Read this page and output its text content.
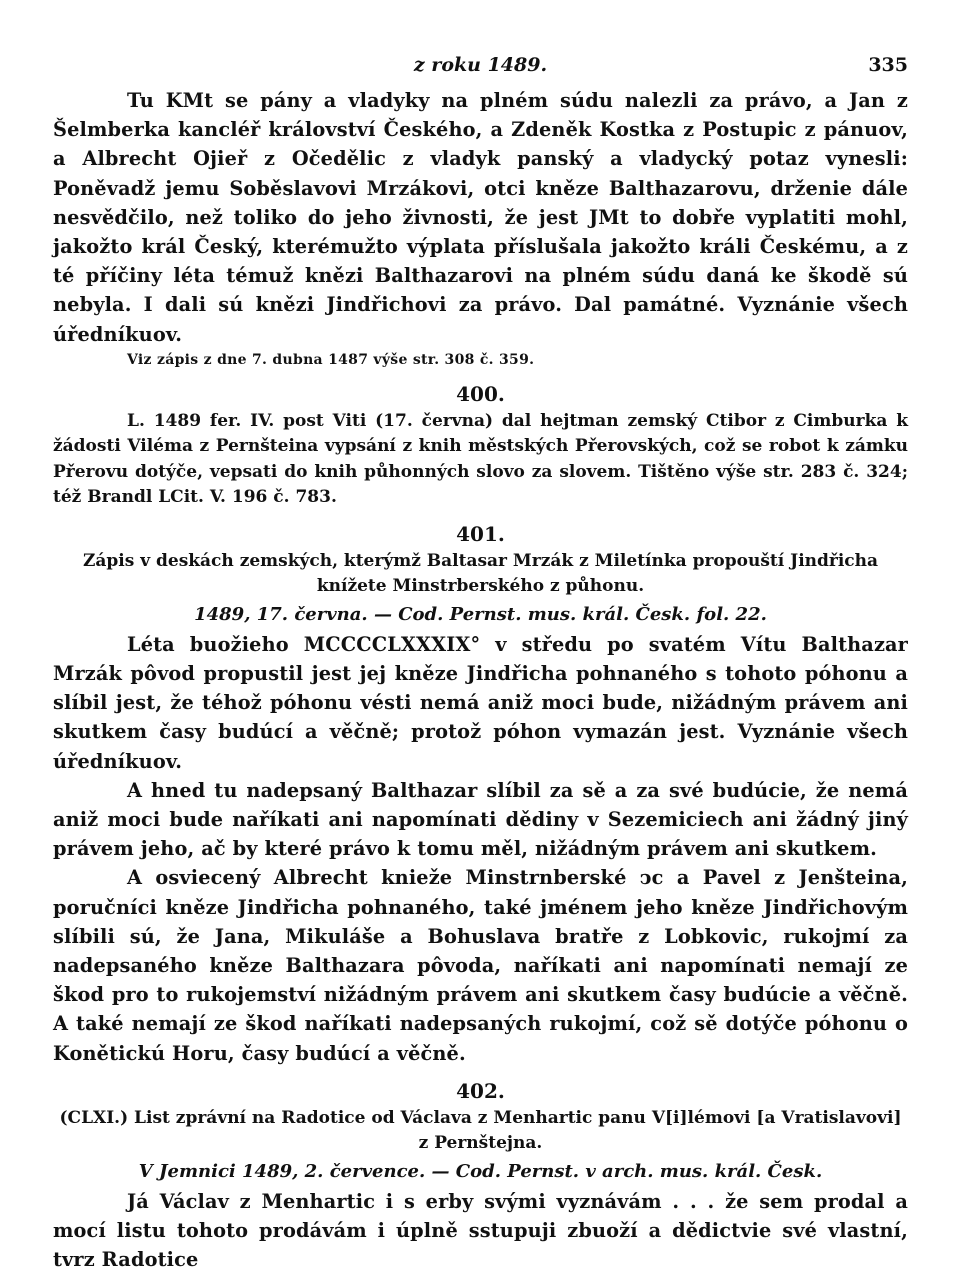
z roku 1489.	335

Tu KMt se pány a vladyky na plném súdu nalezli za právo, a Jan z Šelmberka kancléř království Českého, a Zdeněk Kostka z Postupic z pánuov, a Albrecht Ojieř z Očedělic z vladyk panský a vladycký potaz vynesli: Poněvadž jemu Soběslavovi Mrzákovi, otci kněze Balthazarovu, drženie dále nesvědčilo, než toliko do jeho živnosti, že jest JMt to dobře vyplatiti mohl, jakožto král Český, kterémužto výplata příslušala jakožto králi Českému, a z té příčiny léta témuž knězi Balthazarovi na plném súdu daná ke škodě sú nebyla. I dali sú knězi Jindřichovi za právo. Dal památné. Vyznánie všech úředníkuov.

Viz zápis z dne 7. dubna 1487 výše str. 308 č. 359.

400.

L. 1489 fer. IV. post Viti (17. června) dal hejtman zemský Ctibor z Cimburka k žádosti Viléma z Pernšteina vypsání z knih městských Přerovských, což se robot k zámku Přerovu dotýče, vepsati do knih půhonných slovo za slovem. Tištěno výše str. 283 č. 324; též Brandl LCit. V. 196 č. 783.

401.

Zápis v deskách zemských, kterýmž Baltasar Mrzák z Miletínka propouští Jindřicha knížete Minstrberského z půhonu.

1489, 17. června. — Cod. Pernst. mus. král. Česk. fol. 22.

Léta buožieho MCCCCLXXXIX° v středu po svatém Vítu Balthazar Mrzák pôvod propustil jest jej kněze Jindřicha pohnaného s tohoto póhonu a slíbil jest, že téhož póhonu vésti nemá aniž moci bude, nižádným právem ani skutkem časy budúcí a věčně; protož póhon vymazán jest. Vyznánie všech úředníkuov.

A hned tu nadepsaný Balthazar slíbil za sě a za své budúcie, že nemá aniž moci bude naříkati ani napomínati dědiny v Sezemiciech ani žádný jiný právem jeho, ač by které právo k tomu měl, nižádným právem ani skutkem.

A osviecený Albrecht knieže Minstrnberské ↄc a Pavel z Jenšteina, poručníci kněze Jindřicha pohnaného, také jménem jeho kněze Jindřichovým slíbili sú, že Jana, Mikuláše a Bohuslava bratře z Lobkovic, rukojmí za nadepsaného kněze Balthazara pôvoda, naříkati ani napomínati nemají ze škod pro to rukojemství nižádným právem ani skutkem časy budúcie a věčně. A také nemají ze škod naříkati nadepsaných rukojmí, což sě dotýče póhonu o Konětickú Horu, časy budúcí a věčně.

402.

(CLXI.) List zprávní na Radotice od Václava z Menhartic panu V[i]lémovi [a Vratislavovi] z Pernštejna.

V Jemnici 1489, 2. července. — Cod. Pernst. v arch. mus. král. Česk.

Já Václav z Menhartic i s erby svými vyznávám . . . že sem prodal a mocí listu tohoto prodávám i úplně sstupuji zbuoží a dědictvie své vlastní, tvrz Radotice
